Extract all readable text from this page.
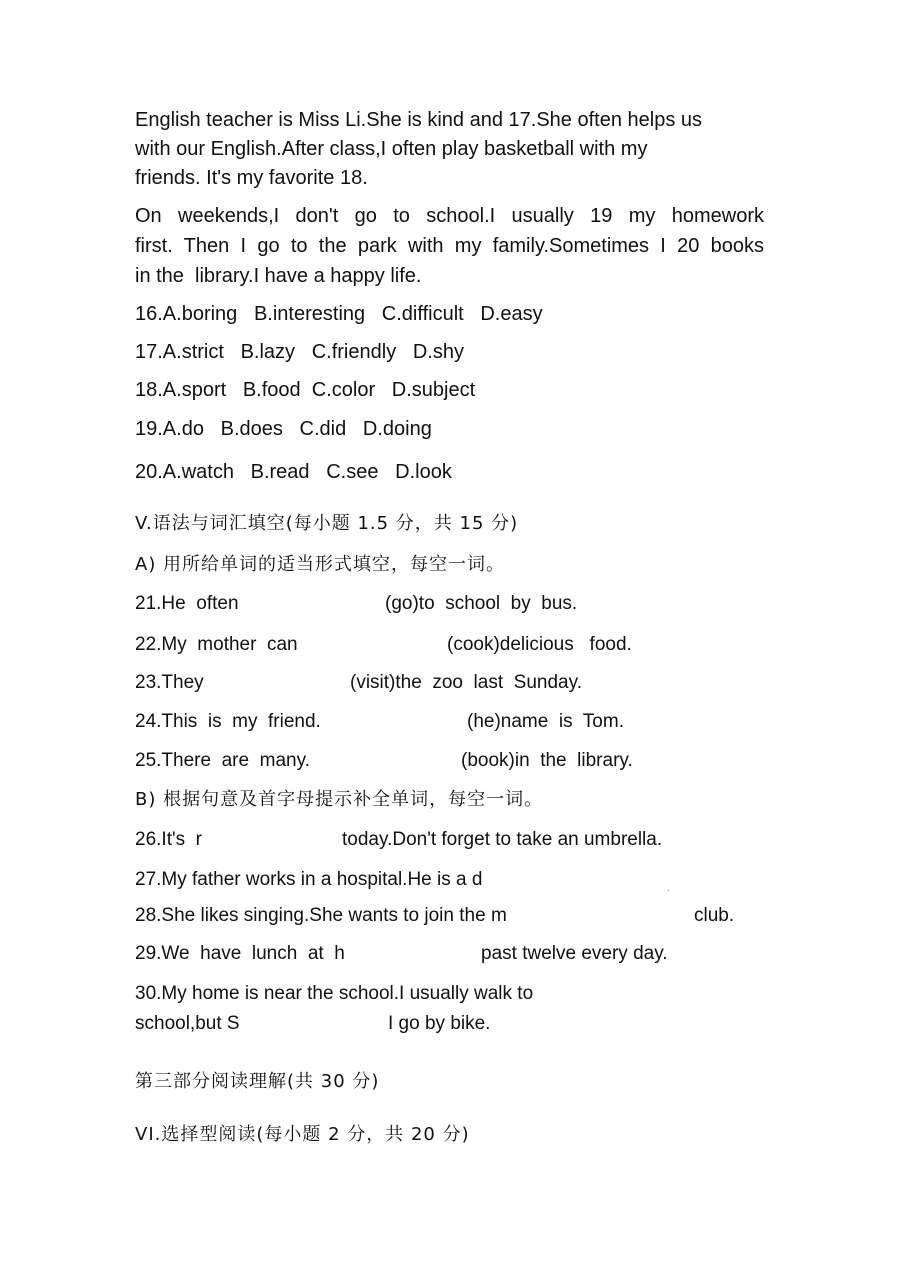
English teacher is Miss Li.She is kind and 17.She often helps us
with our English.After class,I often play basketball with my
friends. It's my favorite 18.
On weekends,I don't go to school.I usually 19 my homework
first. Then I go to the park with my family.Sometimes I 20 books
in the  library.I have a happy life.
16.A.boring   B.interesting   C.difficult   D.easy
17.A.strict   B.lazy   C.friendly   D.shy
18.A.sport   B.food  C.color   D.subject
19.A.do   B.does   C.did   D.doing
20.A.watch   B.read   C.see   D.look
V.语法与词汇填空(每小题 1.5 分，共 15 分)
A) 用所给单词的适当形式填空，每空一词。
21.He  often	(go)to  school  by  bus.
22.My  mother  can	(cook)delicious   food.
23.They	(visit)the  zoo  last  Sunday.
24.This  is  my  friend.	(he)name  is  Tom.
25.There  are  many.	(book)in  the  library.
B) 根据句意及首字母提示补全单词，每空一词。
26.It's  r	today.Don't forget to take an umbrella.
27.My father works in a hospital.He is a d	.
28.She likes singing.She wants to join the m	club.
29.We  have  lunch  at  h	past twelve every day.
30.My home is near the school.I usually walk to
school,but S	I go by bike.
第三部分阅读理解(共 30 分)
VI.选择型阅读(每小题 2 分，共 20 分)
